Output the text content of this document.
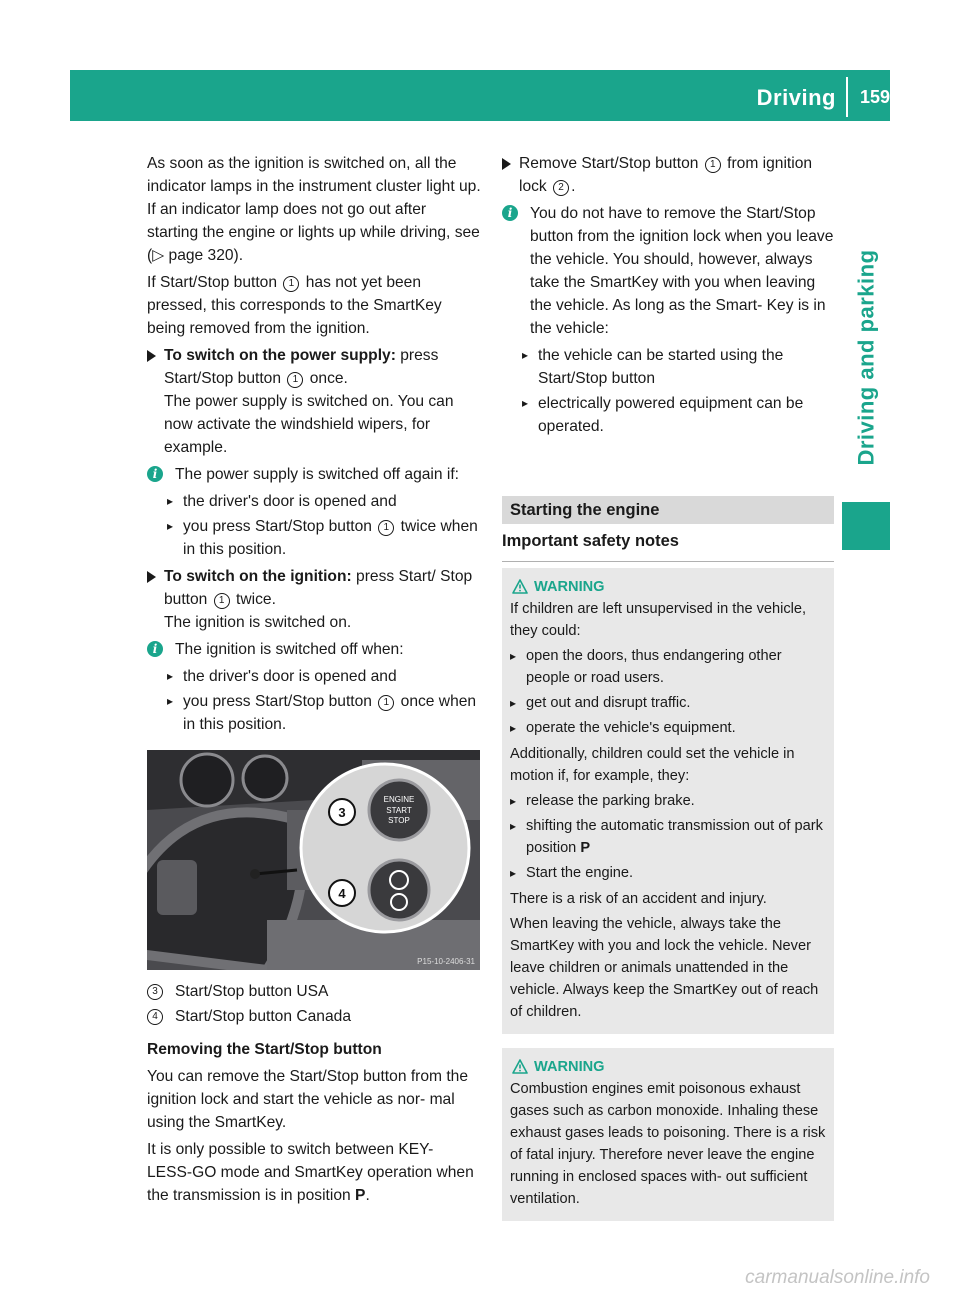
Driving 159
Driving and parking

As soon as the ignition is switched on, all the indicator lamps in the instrument cluster light up. If an indicator lamp does not go out after starting the engine or lights up while driving, see (▷ page 320).

If Start/Stop button 1 has not yet been pressed, this corresponds to the SmartKey being removed from the ignition.

To switch on the power supply: press Start/Stop button 1 once.
The power supply is switched on. You can now activate the windshield wipers, for example.
i	The power supply is switched off again if:
▸ the driver's door is opened and
▸ you press Start/Stop button 1 twice when in this position.
To switch on the ignition: press Start/ Stop button 1 twice.
The ignition is switched on.
i	The ignition is switched off when:
▸ the driver's door is opened and
▸ you press Start/Stop button 1 once when in this position.
ENGINE
START
STOP
3
4
P15-10-2406-31
3	Start/Stop button USA
4	Start/Stop button Canada

Removing the Start/Stop button

You can remove the Start/Stop button from the ignition lock and start the vehicle as nor- mal using the SmartKey.

It is only possible to switch between KEY- LESS-GO mode and SmartKey operation when the transmission is in position P.

Remove Start/Stop button 1 from ignition lock 2 .
i	You do not have to remove the Start/Stop button from the ignition lock when you leave the vehicle. You should, however, always take the SmartKey with you when leaving the vehicle. As long as the Smart- Key is in the vehicle:
▸ the vehicle can be started using the Start/Stop button
▸ electrically powered equipment can be operated.
Starting the engine
Important safety notes
WARNING

If children are left unsupervised in the vehicle, they could:

▸ open the doors, thus endangering other people or road users.
▸ get out and disrupt traffic.
▸ operate the vehicle's equipment.

Additionally, children could set the vehicle in motion if, for example, they:

▸ release the parking brake.
▸ shifting the automatic transmission out of park position P
▸ Start the engine.

There is a risk of an accident and injury.

When leaving the vehicle, always take the SmartKey with you and lock the vehicle. Never leave children or animals unattended in the vehicle. Always keep the SmartKey out of reach of children.

WARNING

Combustion engines emit poisonous exhaust gases such as carbon monoxide. Inhaling these exhaust gases leads to poisoning. There is a risk of fatal injury. Therefore never leave the engine running in enclosed spaces with- out sufficient ventilation.

carmanualsonline.info
